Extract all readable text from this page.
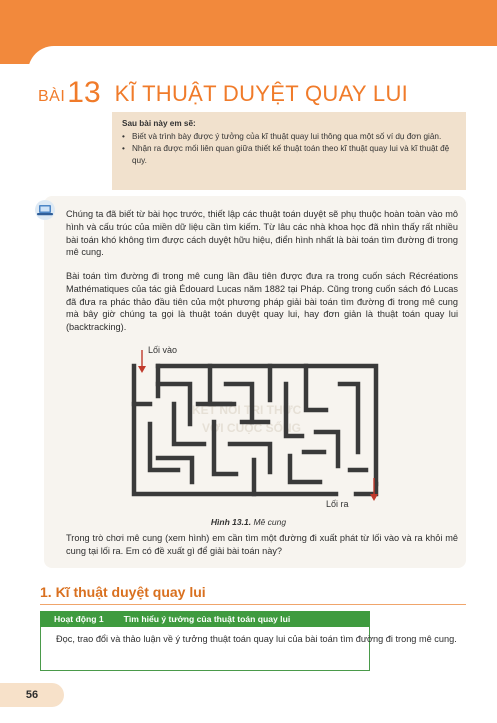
BÀI 13 KĨ THUẬT DUYỆT QUAY LUI
Sau bài này em sẽ:
• Biết và trình bày được ý tưởng của kĩ thuật quay lui thông qua một số ví dụ đơn giản.
• Nhận ra được mối liên quan giữa thiết kế thuật toán theo kĩ thuật quay lui và kĩ thuật đệ quy.
Chúng ta đã biết từ bài học trước, thiết lập các thuật toán duyệt sẽ phụ thuộc hoàn toàn vào mô hình và cấu trúc của miền dữ liệu cần tìm kiếm. Từ lâu các nhà khoa học đã nhìn thấy rất nhiều bài toán khó không tìm được cách duyệt hữu hiệu, điển hình nhất là bài toán tìm đường đi trong mê cung.
Bài toán tìm đường đi trong mê cung lần đầu tiên được đưa ra trong cuốn sách Récréations Mathématiques của tác giả Édouard Lucas năm 1882 tại Pháp. Cũng trong cuốn sách đó Lucas đã đưa ra phác thảo đầu tiên của một phương pháp giải bài toán tìm đường đi trong mê cung mà bây giờ chúng ta gọi là thuật toán duyệt quay lui, hay đơn giản là thuật toán quay lui (backtracking).
KẾT NỐI TRI THỨC
VỚI CUỘC SỐNG
Lối vào
Lối ra
Hình 13.1. Mê cung
Trong trò chơi mê cung (xem hình) em cần tìm một đường đi xuất phát từ lối vào và ra khỏi mê cung tại lối ra. Em có đề xuất gì để giải bài toán này?
1. Kĩ thuật duyệt quay lui
Hoạt động 1 Tìm hiểu ý tưởng của thuật toán quay lui
Đọc, trao đổi và thảo luận về ý tưởng thuật toán quay lui của bài toán tìm đường đi trong mê cung.
56
